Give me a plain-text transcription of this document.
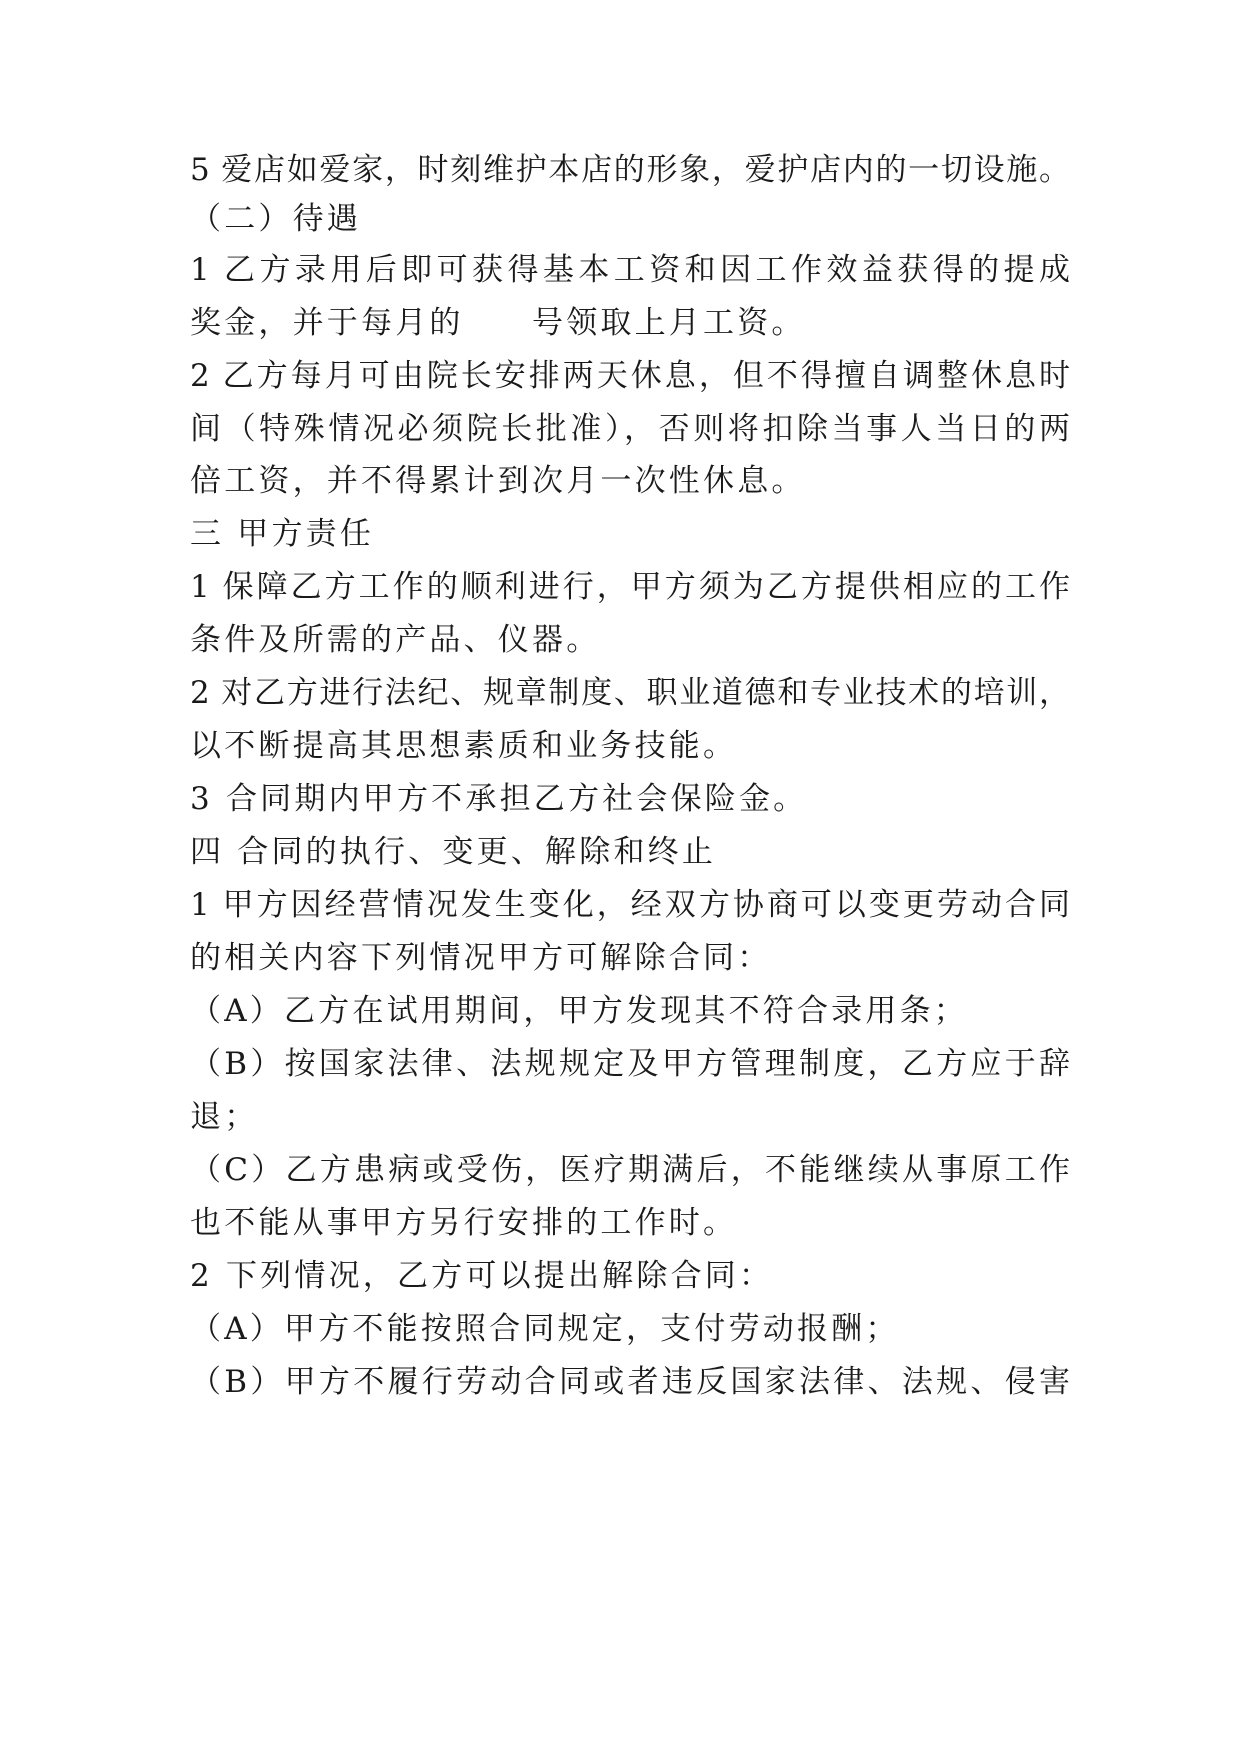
5 爱店如爱家，时刻维护本店的形象，爱护店内的一切设施。
（二）待遇
1 乙方录用后即可获得基本工资和因工作效益获得的提成
奖金，并于每月的　　号领取上月工资。
2 乙方每月可由院长安排两天休息，但不得擅自调整休息时
间（特殊情况必须院长批准），否则将扣除当事人当日的两
倍工资，并不得累计到次月一次性休息。
三 甲方责任
1 保障乙方工作的顺利进行，甲方须为乙方提供相应的工作
条件及所需的产品、仪器。
2 对乙方进行法纪、规章制度、职业道德和专业技术的培训，
以不断提高其思想素质和业务技能。
3 合同期内甲方不承担乙方社会保险金。
四 合同的执行、变更、解除和终止
1 甲方因经营情况发生变化，经双方协商可以变更劳动合同
的相关内容下列情况甲方可解除合同：
（A）乙方在试用期间，甲方发现其不符合录用条；
（B）按国家法律、法规规定及甲方管理制度，乙方应于辞
退；
（C）乙方患病或受伤，医疗期满后，不能继续从事原工作
也不能从事甲方另行安排的工作时。
2 下列情况，乙方可以提出解除合同：
（A）甲方不能按照合同规定，支付劳动报酬；
（B）甲方不履行劳动合同或者违反国家法律、法规、侵害
